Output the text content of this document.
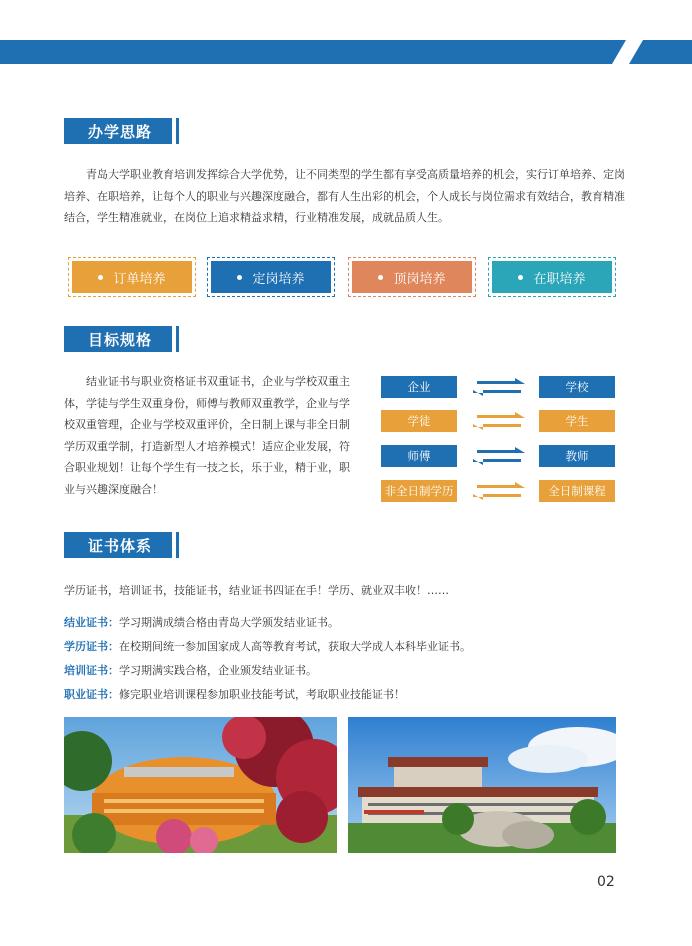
办学思路

青岛大学职业教育培训发挥综合大学优势，让不同类型的学生都有享受高质量培养的机会，实行订单培养、定岗培养、在职培养，让每个人的职业与兴趣深度融合，都有人生出彩的机会，个人成长与岗位需求有效结合，教育精准结合，学生精准就业，在岗位上追求精益求精，行业精准发展，成就品质人生。

订单培养	定岗培养	顶岗培养	在职培养
目标规格

结业证书与职业资格证书双重证书，企业与学校双重主体，学徒与学生双重身份，师傅与教师双重教学，企业与学校双重管理，企业与学校双重评价，全日制上课与非全日制学历双重学制，打造新型人才培养模式！适应企业发展，符合职业规划！让每个学生有一技之长，乐于业，精于业，职业与兴趣深度融合！

企业	学校
学徒	学生
师傅	教师
非全日制学历	全日制课程
证书体系

学历证书，培训证书，技能证书，结业证书四证在手！学历、就业双丰收！……

结业证书：学习期满成绩合格由青岛大学颁发结业证书。

学历证书：在校期间统一参加国家成人高等教育考试，获取大学成人本科毕业证书。

培训证书：学习期满实践合格，企业颁发结业证书。

职业证书：修完职业培训课程参加职业技能考试，考取职业技能证书！

02
